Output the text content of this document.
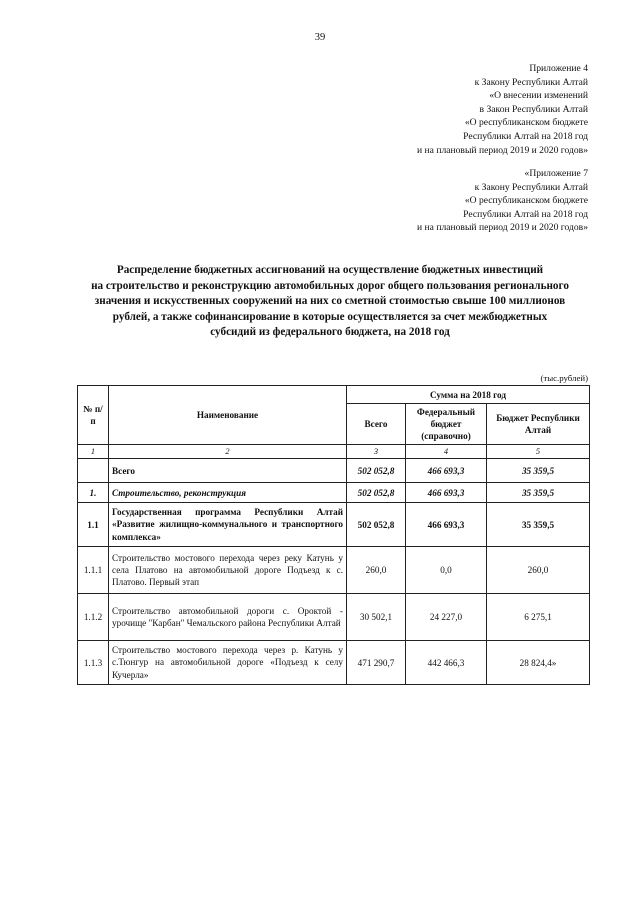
39
Приложение 4
к Закону Республики Алтай
«О внесении изменений
в Закон Республики Алтай
«О республиканском бюджете
Республики Алтай на 2018 год
и на плановый период 2019 и 2020 годов»
«Приложение 7
к Закону Республики Алтай
«О республиканском бюджете
Республики Алтай на 2018 год
и на плановый период 2019 и 2020 годов»
Распределение бюджетных ассигнований на осуществление бюджетных инвестиций
на строительство и реконструкцию автомобильных дорог общего пользования регионального
значения и искусственных сооружений на них со сметной стоимостью свыше 100 миллионов
рублей, а также софинансирование в которые осуществляется за счет межбюджетных
субсидий из федерального бюджета, на 2018 год
(тыс.рублей)
№ п/п	Наименование	Сумма на 2018 год		
		Всего	Федеральный бюджет (справочно)	Бюджет Республики Алтай
1	2	3	4	5
	Всего	502 052,8	466 693,3	35 359,5
1.	Строительство, реконструкция	502 052,8	466 693,3	35 359,5
1.1	Государственная программа Республики Алтай «Развитие жилищно-коммунального и транспортного комплекса»	502 052,8	466 693,3	35 359,5
1.1.1	Строительство мостового перехода через реку Катунь у села Платово на автомобильной дороге Подъезд к с. Платово. Первый этап	260,0	0,0	260,0
1.1.2	Строительство автомобильной дороги с. Ороктой - урочище "Карбан" Чемальского района Республики Алтай	30 502,1	24 227,0	6 275,1
1.1.3	Строительство мостового перехода через р. Катунь у с.Тюнгур на автомобильной дороге «Подъезд к селу Кучерла»	471 290,7	442 466,3	28 824,4»
